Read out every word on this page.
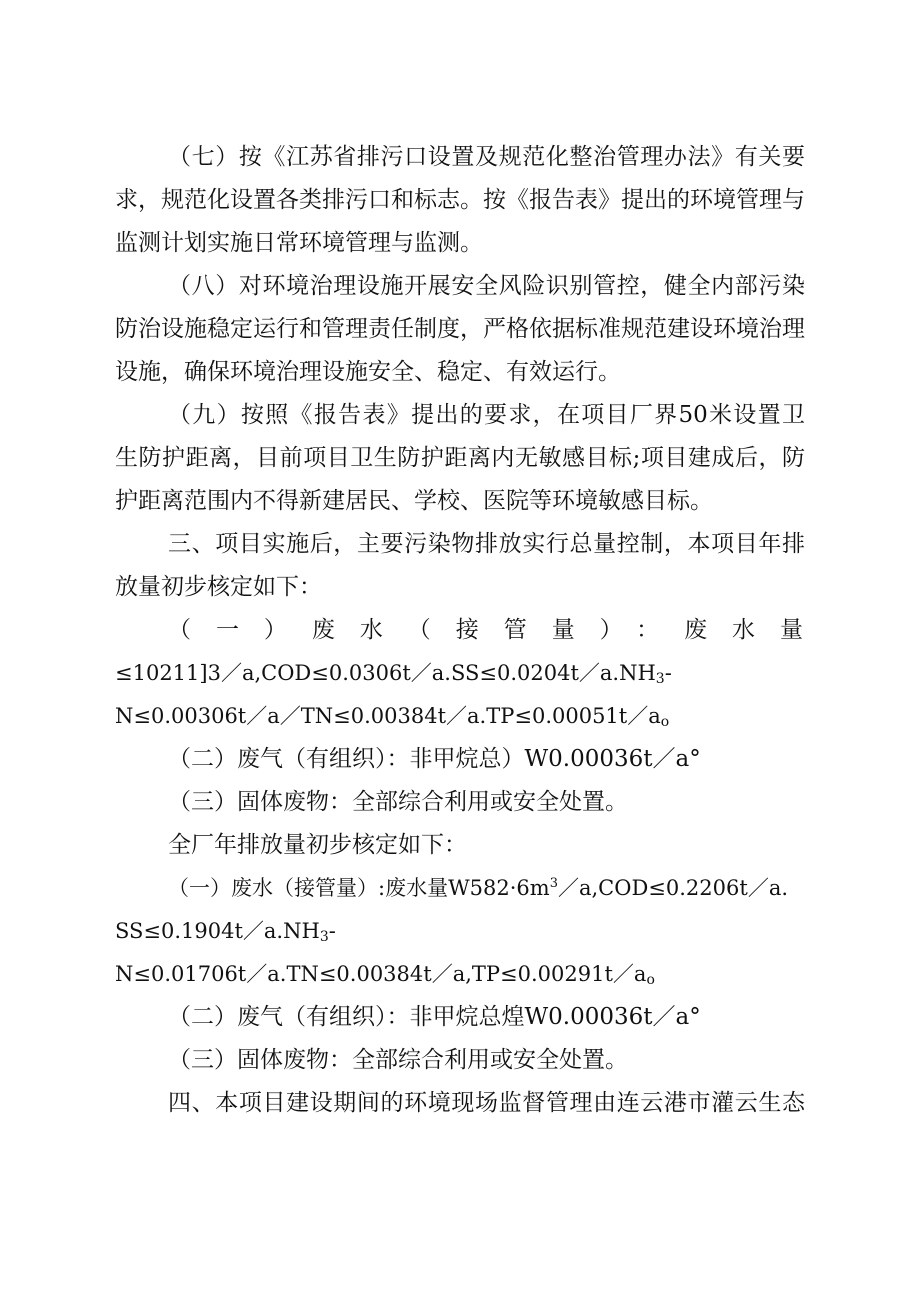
（七）按《江苏省排污口设置及规范化整治管理办法》有关要
求，规范化设置各类排污口和标志。按《报告表》提出的环境管理与
监测计划实施日常环境管理与监测。
（八）对环境治理设施开展安全风险识别管控，健全内部污染
防治设施稳定运行和管理责任制度，严格依据标准规范建设环境治理
设施，确保环境治理设施安全、稳定、有效运行。
（九）按照《报告表》提出的要求，在项目厂界50米设置卫
生防护距离，目前项目卫生防护距离内无敏感目标;项目建成后，防
护距离范围内不得新建居民、学校、医院等环境敏感目标。
三、项目实施后，主要污染物排放实行总量控制，本项目年排
放量初步核定如下：
（一）废水（接管量）：废水量
$\le 10211]3/a,COD\le 0.0306t/a.SS\le 0.0204t/a.NH_3-$
$N\le 0.00306t/a/TN\le 0.00384t/a.TP\le 0.00051t/a_o$
（二）废气（有组织）：非甲烷总）W0.00036t／a°
（三）固体废物：全部综合利用或安全处置。
全厂年排放量初步核定如下：
（一）废水（接管量）:废水量$W582\cdot 6m^3/a,COD\le 0.2206t/a$.
$SS\le 0.1904t/a.NH_3-$
$N\le 0.01706t/a.TN\le 0.00384t/a,TP\le 0.00291t/a_o$
（二）废气（有组织）：非甲烷总煌W0.00036t／a°
（三）固体废物：全部综合利用或安全处置。
四、本项目建设期间的环境现场监督管理由连云港市灌云生态
